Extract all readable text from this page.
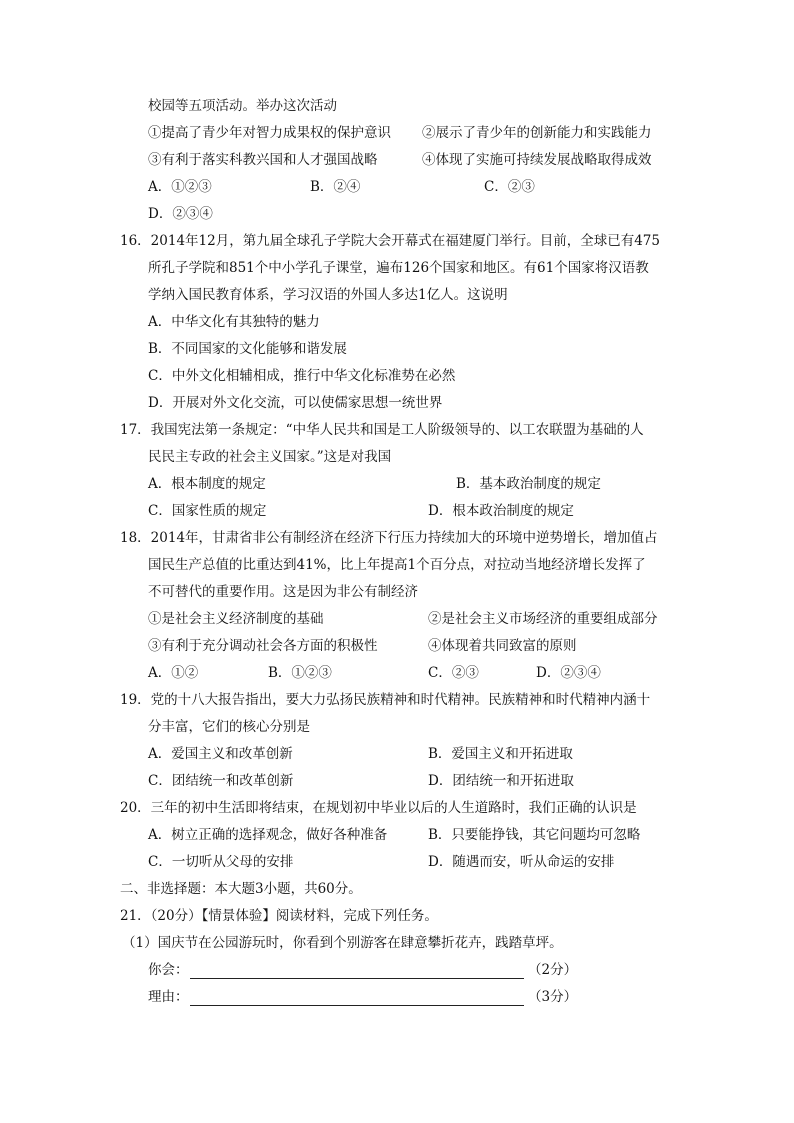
校园等五项活动。举办这次活动
①提高了青少年对智力成果权的保护意识 ②展示了青少年的创新能力和实践能力
③有利于落实科教兴国和人才强国战略	④体现了实施可持续发展战略取得成效
A．①②③	B．②④	C．②③
D．②③④
16．2014年12月，第九届全球孔子学院大会开幕式在福建厦门举行。目前，全球已有475
所孔子学院和851个中小学孔子课堂，遍布126个国家和地区。有61个国家将汉语教
学纳入国民教育体系，学习汉语的外国人多达1亿人。这说明
A．中华文化有其独特的魅力
B．不同国家的文化能够和谐发展
C．中外文化相辅相成，推行中华文化标准势在必然
D．开展对外文化交流，可以使儒家思想一统世界
17．我国宪法第一条规定：“中华人民共和国是工人阶级领导的、以工农联盟为基础的人
民民主专政的社会主义国家。”这是对我国
A．根本制度的规定	B．基本政治制度的规定
C．国家性质的规定	D．根本政治制度的规定
18．2014年，甘肃省非公有制经济在经济下行压力持续加大的环境中逆势增长，增加值占
国民生产总值的比重达到41%，比上年提高1个百分点，对拉动当地经济增长发挥了
不可替代的重要作用。这是因为非公有制经济
①是社会主义经济制度的基础	②是社会主义市场经济的重要组成部分
③有利于充分调动社会各方面的积极性	④体现着共同致富的原则
A．①②	B．①②③	C．②③	D．②③④
19．党的十八大报告指出，要大力弘扬民族精神和时代精神。民族精神和时代精神内涵十
分丰富，它们的核心分别是
A．爱国主义和改革创新	B．爱国主义和开拓进取
C．团结统一和改革创新	D．团结统一和开拓进取
20．三年的初中生活即将结束，在规划初中毕业以后的人生道路时，我们正确的认识是
A．树立正确的选择观念，做好各种准备	B．只要能挣钱，其它问题均可忽略
C．一切听从父母的安排	D．随遇而安，听从命运的安排
二、非选择题：本大题3小题，共60分。
21．（20分）【情景体验】阅读材料，完成下列任务。
（1）国庆节在公园游玩时，你看到个别游客在肆意攀折花卉，践踏草坪。
你会：	（2分）
理由：	（3分）
